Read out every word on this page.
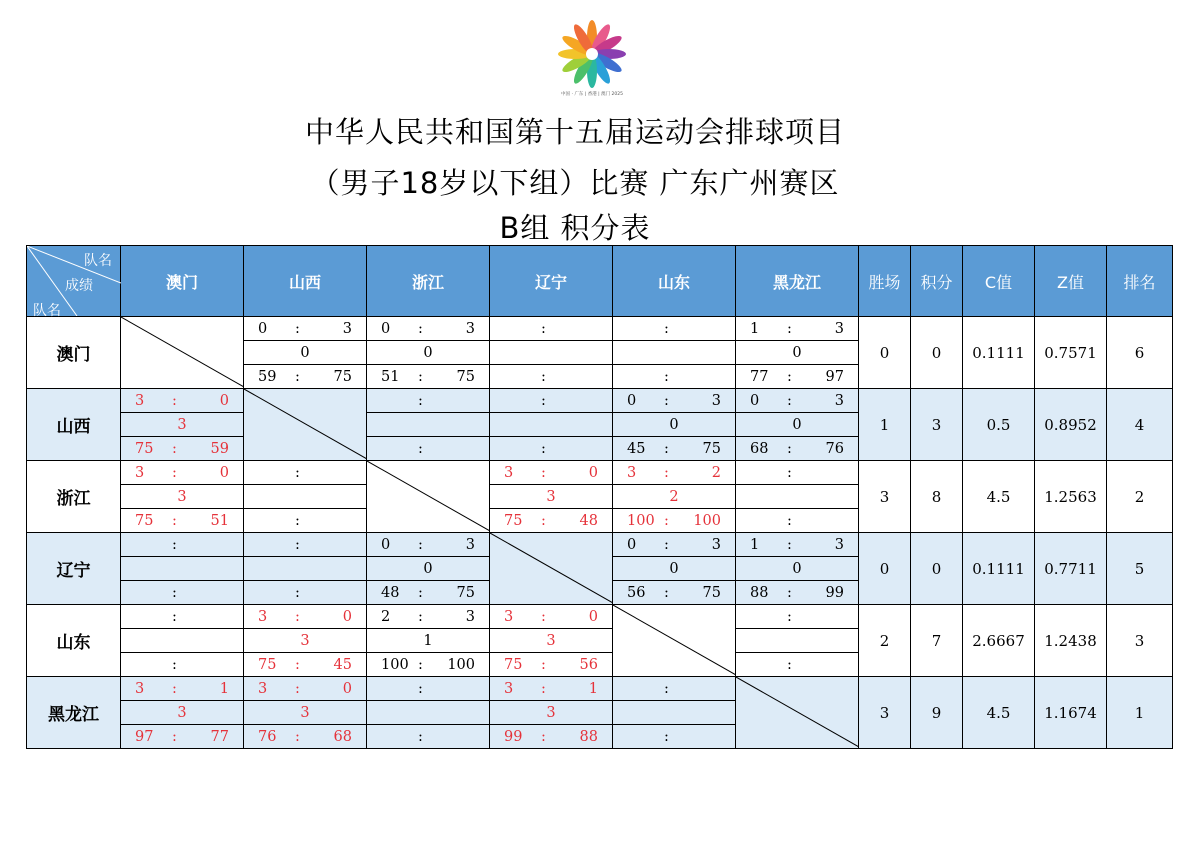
中国 · 广东 | 香港 | 澳门 2025
中华人民共和国第十五届运动会排球项目
（男子18岁以下组）比赛 广东广州赛区
B组 积分表
队名
成绩
队名	澳门	山西	浙江	辽宁	山东	黑龙江	胜场	积分	C值	Z值	排名
澳门		0 : 3	0 : 3	:	:	1 : 3	0	0	0.1111	0.7571	6
		0	0			0					

		59 : 75	51 : 75	:	:	77 : 97					

山西	3 : 0		:	:	0 : 3	0 : 3	1	3	0.5	0.8952	4
	3				0	0					

	75 : 59		:	:	45 : 75	68 : 76					

浙江	3 : 0	:		3 : 0	3 : 2	:	3	8	4.5	1.2563	2
	3			3	2						

	75 : 51	:		75 : 48	100 : 100	:					

辽宁	:	:	0 : 3		0 : 3	1 : 3	0	0	0.1111	0.7711	5
			0		0	0					

	:	:	48 : 75		56 : 75	88 : 99					

山东	:	3 : 0	2 : 3	3 : 0		:	2	7	2.6667	1.2438	3
		3	1	3							

	:	75 : 45	100 : 100	75 : 56		:					

黑龙江	3 : 1	3 : 0	:	3 : 1	:		3	9	4.5	1.1674	1
	3	3		3							

	97 : 77	76 : 68	:	99 : 88	:						
